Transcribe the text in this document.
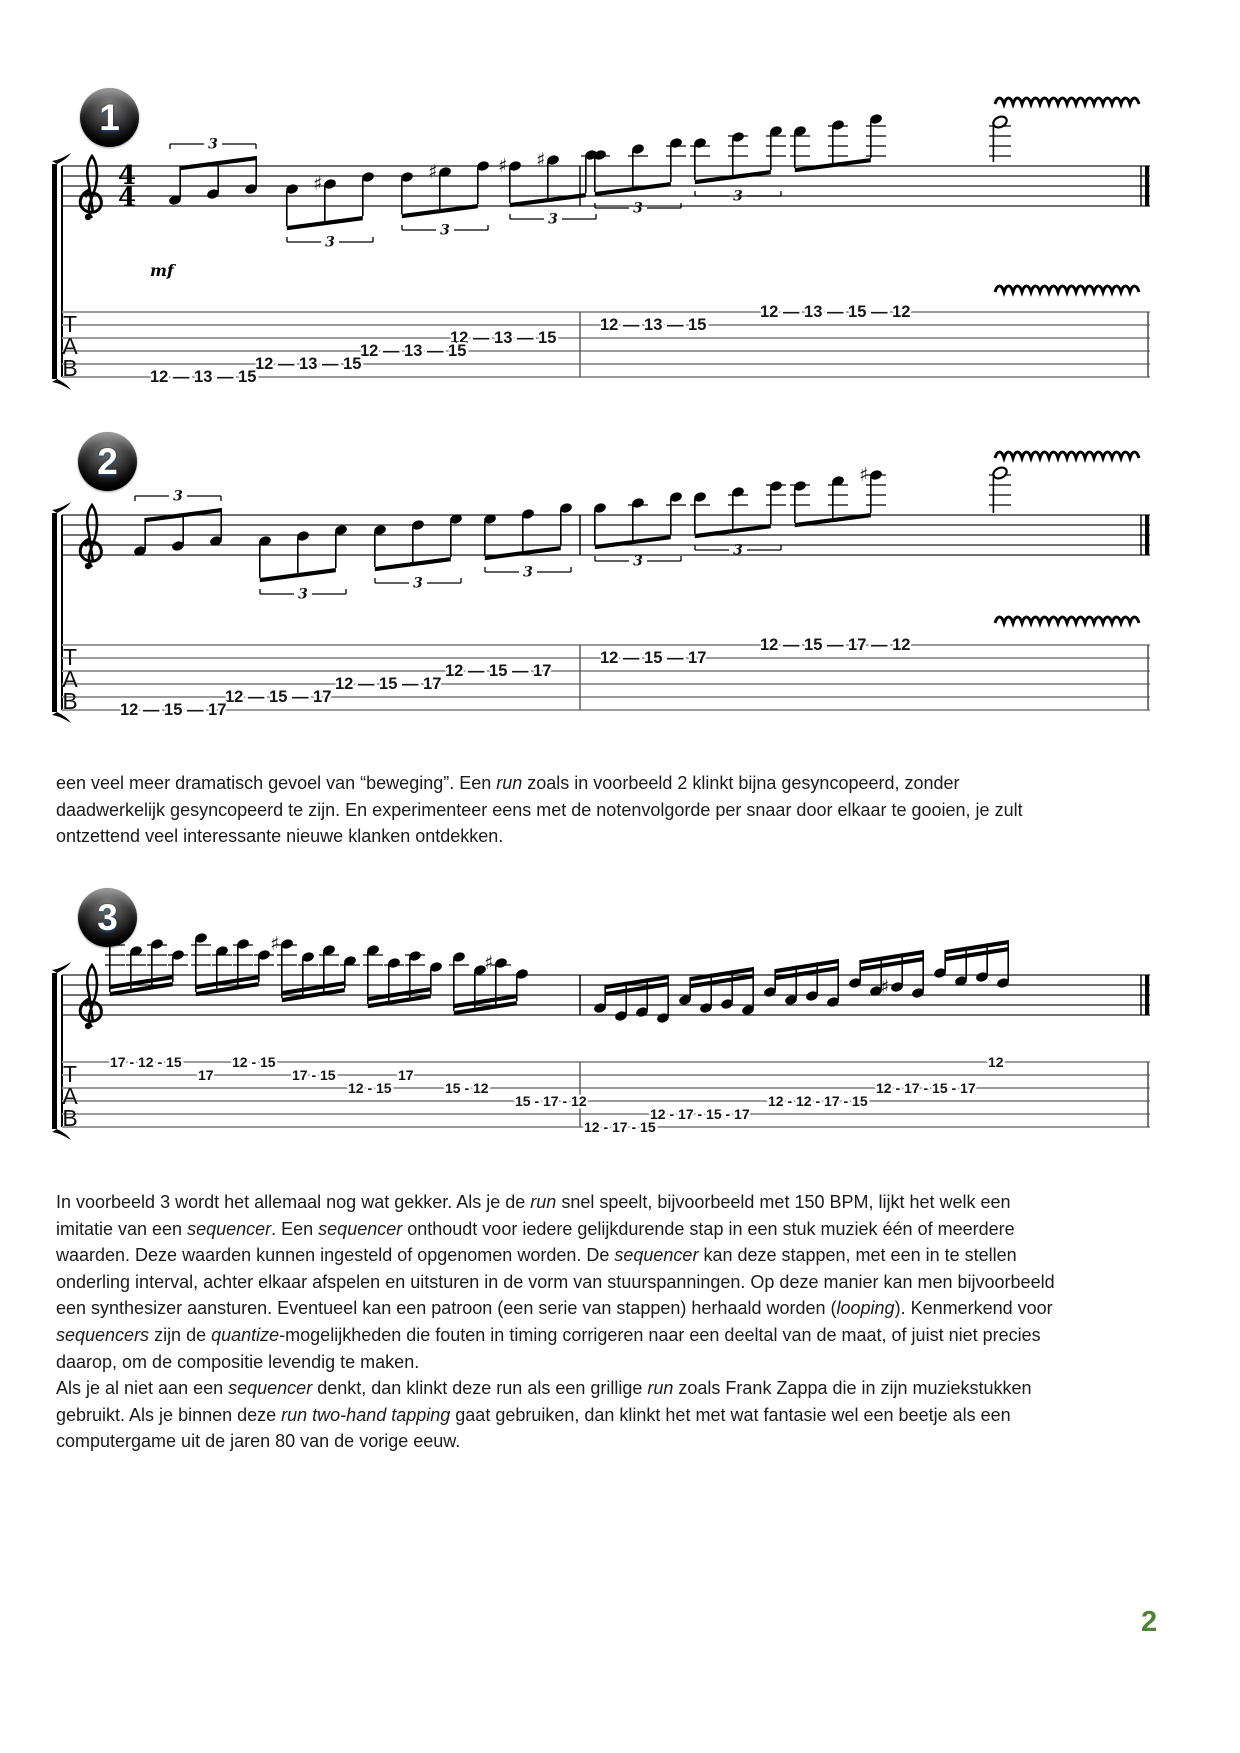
3
♯
3
♯
3
♯ ♯
3
3
3
4
4
mf
T
A
B
12 — 13 — 15 — 12
12 — 13 — 15
12 — 13 — 15
12 — 13 — 15
12 — 13 — 15
12 — 13 — 15
3
3
3
3
3
3
♯
T
A
B
12 — 15 — 17 — 12
12 — 15 — 17
12 — 15 — 17
12 — 15 — 17
12 — 15 — 17
12 — 15 — 17
♯
♯
♯
T
A
B
17 - 12 - 15	12 - 15
17	17 - 15	17
12 - 15	15 - 12
15 - 17 - 12
12 - 17 - 15
12 - 17 - 15 - 17
12 - 12 - 17 - 15
12 - 17 - 15 - 17
12
1
2
3
een veel meer dramatisch gevoel van “beweging”. Een run zoals in voorbeeld 2 klinkt bijna gesyncopeerd, zonder daadwerkelijk gesyncopeerd te zijn. En experimenteer eens met de notenvolgorde per snaar door elkaar te gooien, je zult ontzettend veel interessante nieuwe klanken ontdekken.
In voorbeeld 3 wordt het allemaal nog wat gekker. Als je de run snel speelt, bijvoorbeeld met 150 BPM, lijkt het welk een imitatie van een sequencer. Een sequencer onthoudt voor iedere gelijkdurende stap in een stuk muziek één of meerdere waarden. Deze waarden kunnen ingesteld of opgenomen worden. De sequencer kan deze stappen, met een in te stellen onderling interval, achter elkaar afspelen en uitsturen in de vorm van stuurspanningen. Op deze manier kan men bijvoorbeeld een synthesizer aansturen. Eventueel kan een patroon (een serie van stappen) herhaald worden (looping). Kenmerkend voor sequencers zijn de quantize-mogelijkheden die fouten in timing corrigeren naar een deeltal van de maat, of juist niet precies daarop, om de compositie levendig te maken.
Als je al niet aan een sequencer denkt, dan klinkt deze run als een grillige run zoals Frank Zappa die in zijn muziekstukken gebruikt. Als je binnen deze run two-hand tapping gaat gebruiken, dan klinkt het met wat fantasie wel een beetje als een computergame uit de jaren 80 van de vorige eeuw.
2
